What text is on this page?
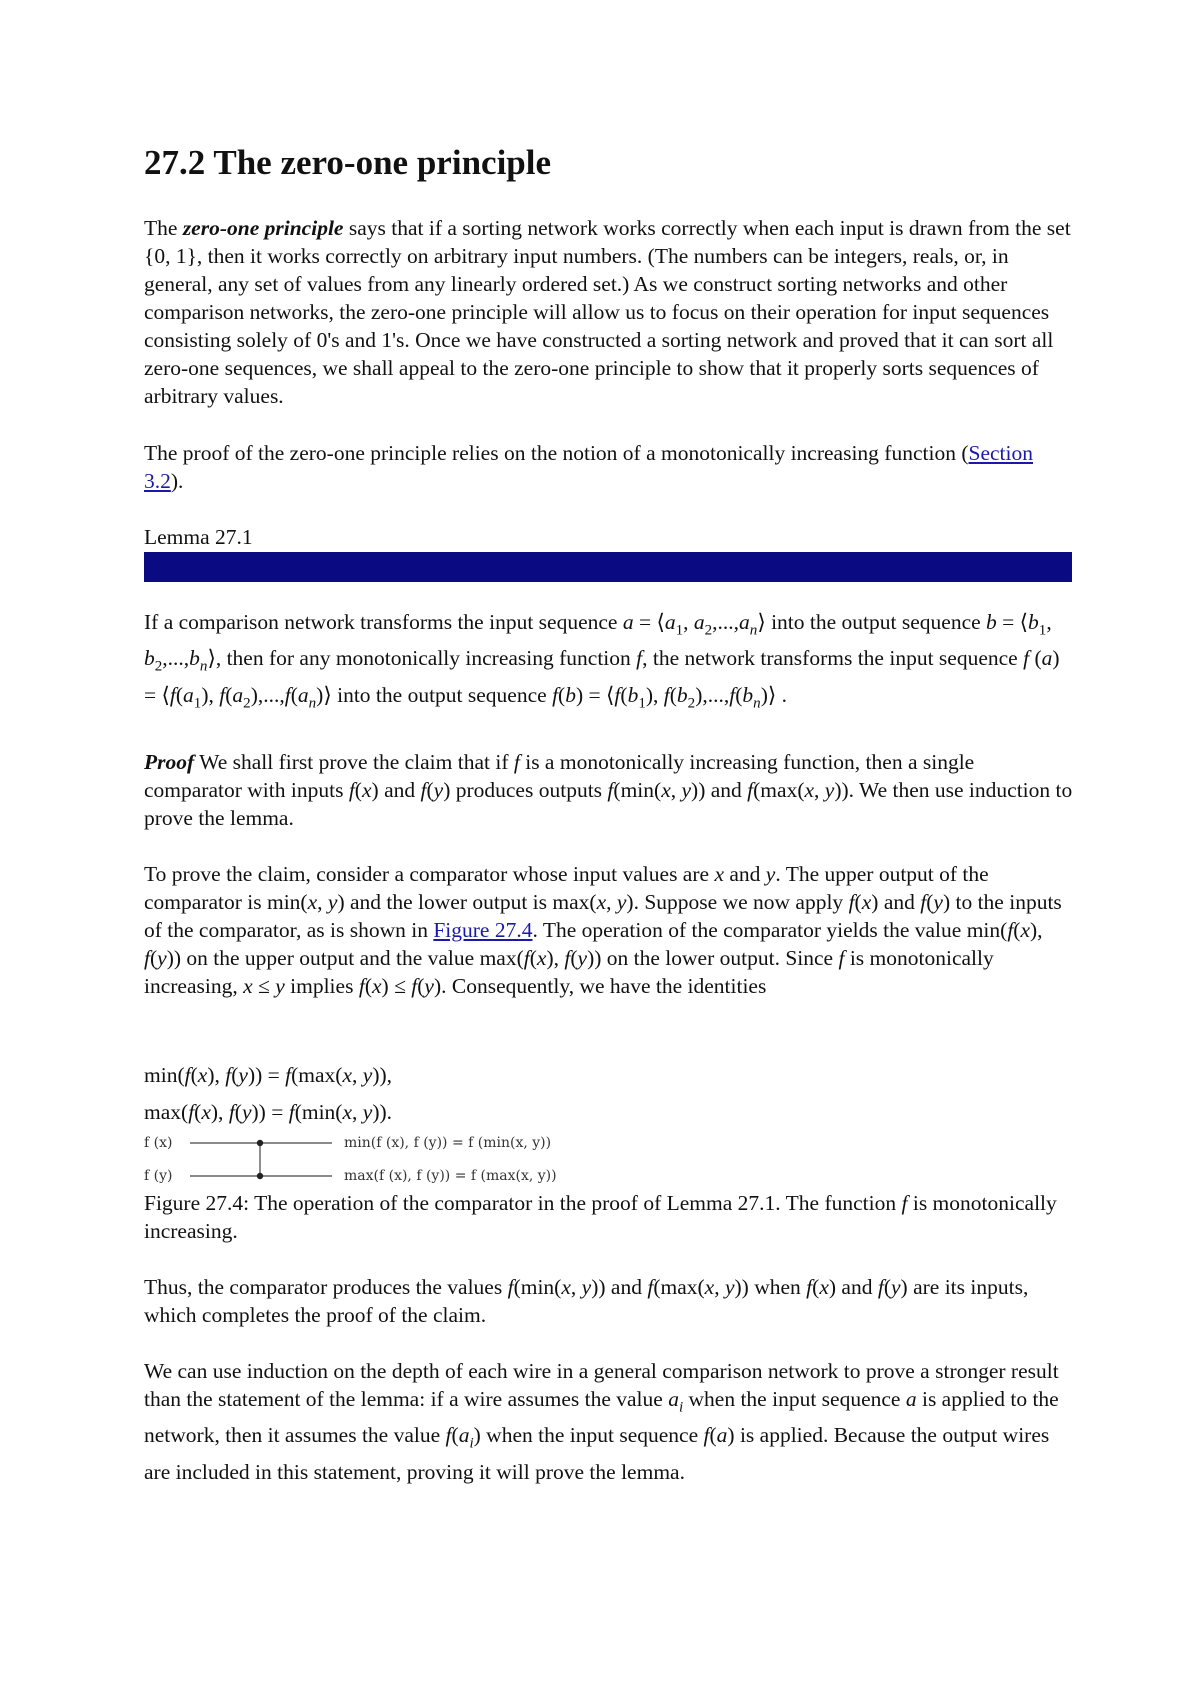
27.2 The zero-one principle

The zero-one principle says that if a sorting network works correctly when each input is drawn from the set {0, 1}, then it works correctly on arbitrary input numbers. (The numbers can be integers, reals, or, in general, any set of values from any linearly ordered set.) As we construct sorting networks and other comparison networks, the zero-one principle will allow us to focus on their operation for input sequences consisting solely of 0's and 1's. Once we have constructed a sorting network and proved that it can sort all zero-one sequences, we shall appeal to the zero-one principle to show that it properly sorts sequences of arbitrary values.

The proof of the zero-one principle relies on the notion of a monotonically increasing function (Section 3.2).

Lemma 27.1

If a comparison network transforms the input sequence $a = ⟨a_1$, $a_2,...,a_n⟩$ into the output sequence $b = ⟨b_1$, $b_2,...,b_n⟩$, then for any monotonically increasing function f, the network transforms the input sequence f $(a) = ⟨f(a_1)$, $f(a_2),...,f(a_n)⟩$ into the output sequence $f(b) = ⟨f(b_1)$, $f(b_2),...,f(b_n)⟩$ .

Proof We shall first prove the claim that if f is a monotonically increasing function, then a single comparator with inputs f(x) and f(y) produces outputs f(min(x, y)) and f(max(x, y)). We then use induction to prove the lemma.

To prove the claim, consider a comparator whose input values are x and y. The upper output of the comparator is min(x, y) and the lower output is max(x, y). Suppose we now apply f(x) and f(y) to the inputs of the comparator, as is shown in Figure 27.4. The operation of the comparator yields the value min(f(x), f(y)) on the upper output and the value max(f(x), f(y)) on the lower output. Since f is monotonically increasing, x ≤ y implies f(x) ≤ f(y). Consequently, we have the identities

min(f(x), f(y)) = f(max(x, y)),
max(f(x), f(y)) = f(min(x, y)).
f (x)
f (y)
min(f (x), f (y)) = f (min(x, y))
max(f (x), f (y)) = f (max(x, y))

Figure 27.4: The operation of the comparator in the proof of Lemma 27.1. The function f is monotonically increasing.

Thus, the comparator produces the values f(min(x, y)) and f(max(x, y)) when f(x) and f(y) are its inputs, which completes the proof of the claim.

We can use induction on the depth of each wire in a general comparison network to prove a stronger result than the statement of the lemma: if a wire assumes the value $a_i$ when the input sequence a is applied to the network, then it assumes the value $f(a_i)$ when the input sequence f(a) is applied. Because the output wires are included in this statement, proving it will prove the lemma.
